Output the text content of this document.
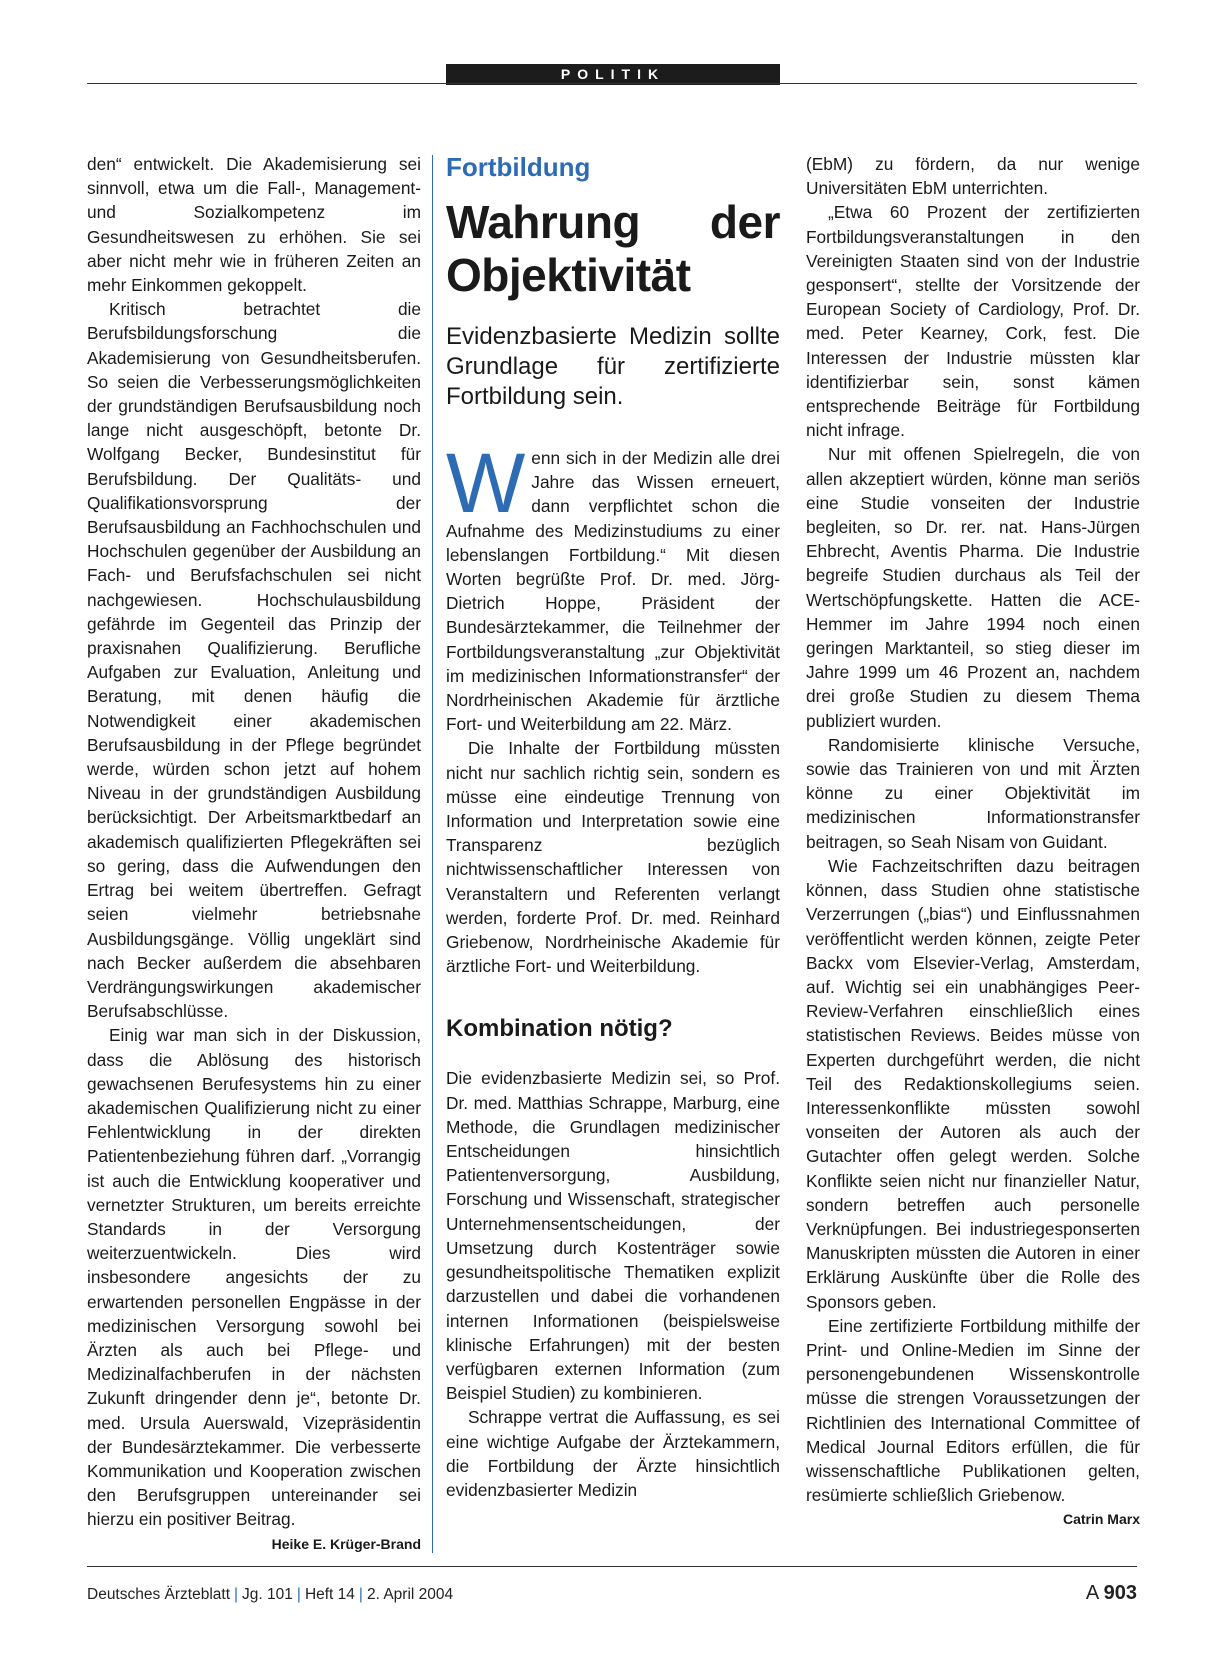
POLITIK

den“ entwickelt. Die Akademisierung sei sinnvoll, etwa um die Fall-, Management- und Sozialkompetenz im Gesundheitswesen zu erhöhen. Sie sei aber nicht mehr wie in früheren Zeiten an mehr Einkommen gekoppelt.

Kritisch betrachtet die Berufsbildungsforschung die Akademisierung von Gesundheitsberufen. So seien die Verbesserungsmöglichkeiten der grundständigen Berufsausbildung noch lange nicht ausgeschöpft, betonte Dr. Wolfgang Becker, Bundesinstitut für Berufsbildung. Der Qualitäts- und Qualifikationsvorsprung der Berufsausbildung an Fachhochschulen und Hochschulen gegenüber der Ausbildung an Fach- und Berufsfachschulen sei nicht nachgewiesen. Hochschulausbildung gefährde im Gegenteil das Prinzip der praxisnahen Qualifizierung. Berufliche Aufgaben zur Evaluation, Anleitung und Beratung, mit denen häufig die Notwendigkeit einer akademischen Berufsausbildung in der Pflege begründet werde, würden schon jetzt auf hohem Niveau in der grundständigen Ausbildung berücksichtigt. Der Arbeitsmarktbedarf an akademisch qualifizierten Pflegekräften sei so gering, dass die Aufwendungen den Ertrag bei weitem übertreffen. Gefragt seien vielmehr betriebsnahe Ausbildungsgänge. Völlig ungeklärt sind nach Becker außerdem die absehbaren Verdrängungswirkungen akademischer Berufsabschlüsse.

Einig war man sich in der Diskussion, dass die Ablösung des historisch gewachsenen Berufesystems hin zu einer akademischen Qualifizierung nicht zu einer Fehlentwicklung in der direkten Patientenbeziehung führen darf. „Vorrangig ist auch die Entwicklung kooperativer und vernetzter Strukturen, um bereits erreichte Standards in der Versorgung weiterzuentwickeln. Dies wird insbesondere angesichts der zu erwartenden personellen Engpässe in der medizinischen Versorgung sowohl bei Ärzten als auch bei Pflege- und Medizinalfachberufen in der nächsten Zukunft dringender denn je“, betonte Dr. med. Ursula Auerswald, Vizepräsidentin der Bundesärztekammer. Die verbesserte Kommunikation und Kooperation zwischen den Berufsgruppen untereinander sei hierzu ein positiver Beitrag.
Heike E. Krüger-Brand

Fortbildung
Wahrung der Objektivität
Evidenzbasierte Medizin sollte Grundlage für zertifizierte Fortbildung sein.

Wenn sich in der Medizin alle drei Jahre das Wissen erneuert, dann verpflichtet schon die Aufnahme des Medizinstudiums zu einer lebenslangen Fortbildung.“ Mit diesen Worten begrüßte Prof. Dr. med. Jörg-Dietrich Hoppe, Präsident der Bundesärztekammer, die Teilnehmer der Fortbildungsveranstaltung „zur Objektivität im medizinischen Informationstransfer“ der Nordrheinischen Akademie für ärztliche Fort- und Weiterbildung am 22. März.

Die Inhalte der Fortbildung müssten nicht nur sachlich richtig sein, sondern es müsse eine eindeutige Trennung von Information und Interpretation sowie eine Transparenz bezüglich nichtwissenschaftlicher Interessen von Veranstaltern und Referenten verlangt werden, forderte Prof. Dr. med. Reinhard Griebenow, Nordrheinische Akademie für ärztliche Fort- und Weiterbildung.

Kombination nötig?

Die evidenzbasierte Medizin sei, so Prof. Dr. med. Matthias Schrappe, Marburg, eine Methode, die Grundlagen medizinischer Entscheidungen hinsichtlich Patientenversorgung, Ausbildung, Forschung und Wissenschaft, strategischer Unternehmensentscheidungen, der Umsetzung durch Kostenträger sowie gesundheitspolitische Thematiken explizit darzustellen und dabei die vorhandenen internen Informationen (beispielsweise klinische Erfahrungen) mit der besten verfügbaren externen Information (zum Beispiel Studien) zu kombinieren.

Schrappe vertrat die Auffassung, es sei eine wichtige Aufgabe der Ärztekammern, die Fortbildung der Ärzte hinsichtlich evidenzbasierter Medizin

(EbM) zu fördern, da nur wenige Universitäten EbM unterrichten.

„Etwa 60 Prozent der zertifizierten Fortbildungsveranstaltungen in den Vereinigten Staaten sind von der Industrie gesponsert“, stellte der Vorsitzende der European Society of Cardiology, Prof. Dr. med. Peter Kearney, Cork, fest. Die Interessen der Industrie müssten klar identifizierbar sein, sonst kämen entsprechende Beiträge für Fortbildung nicht infrage.

Nur mit offenen Spielregeln, die von allen akzeptiert würden, könne man seriös eine Studie vonseiten der Industrie begleiten, so Dr. rer. nat. Hans-Jürgen Ehbrecht, Aventis Pharma. Die Industrie begreife Studien durchaus als Teil der Wertschöpfungskette. Hatten die ACE-Hemmer im Jahre 1994 noch einen geringen Marktanteil, so stieg dieser im Jahre 1999 um 46 Prozent an, nachdem drei große Studien zu diesem Thema publiziert wurden.

Randomisierte klinische Versuche, sowie das Trainieren von und mit Ärzten könne zu einer Objektivität im medizinischen Informationstransfer beitragen, so Seah Nisam von Guidant.

Wie Fachzeitschriften dazu beitragen können, dass Studien ohne statistische Verzerrungen („bias“) und Einflussnahmen veröffentlicht werden können, zeigte Peter Backx vom Elsevier-Verlag, Amsterdam, auf. Wichtig sei ein unabhängiges Peer-Review-Verfahren einschließlich eines statistischen Reviews. Beides müsse von Experten durchgeführt werden, die nicht Teil des Redaktionskollegiums seien. Interessenkonflikte müssten sowohl vonseiten der Autoren als auch der Gutachter offen gelegt werden. Solche Konflikte seien nicht nur finanzieller Natur, sondern betreffen auch personelle Verknüpfungen. Bei industriegesponserten Manuskripten müssten die Autoren in einer Erklärung Auskünfte über die Rolle des Sponsors geben.

Eine zertifizierte Fortbildung mithilfe der Print- und Online-Medien im Sinne der personengebundenen Wissenskontrolle müsse die strengen Voraussetzungen der Richtlinien des International Committee of Medical Journal Editors erfüllen, die für wissenschaftliche Publikationen gelten, resümierte schließlich Griebenow.
Catrin Marx

Deutsches Ärzteblatt | Jg. 101 | Heft 14 | 2. April 2004	A 903
